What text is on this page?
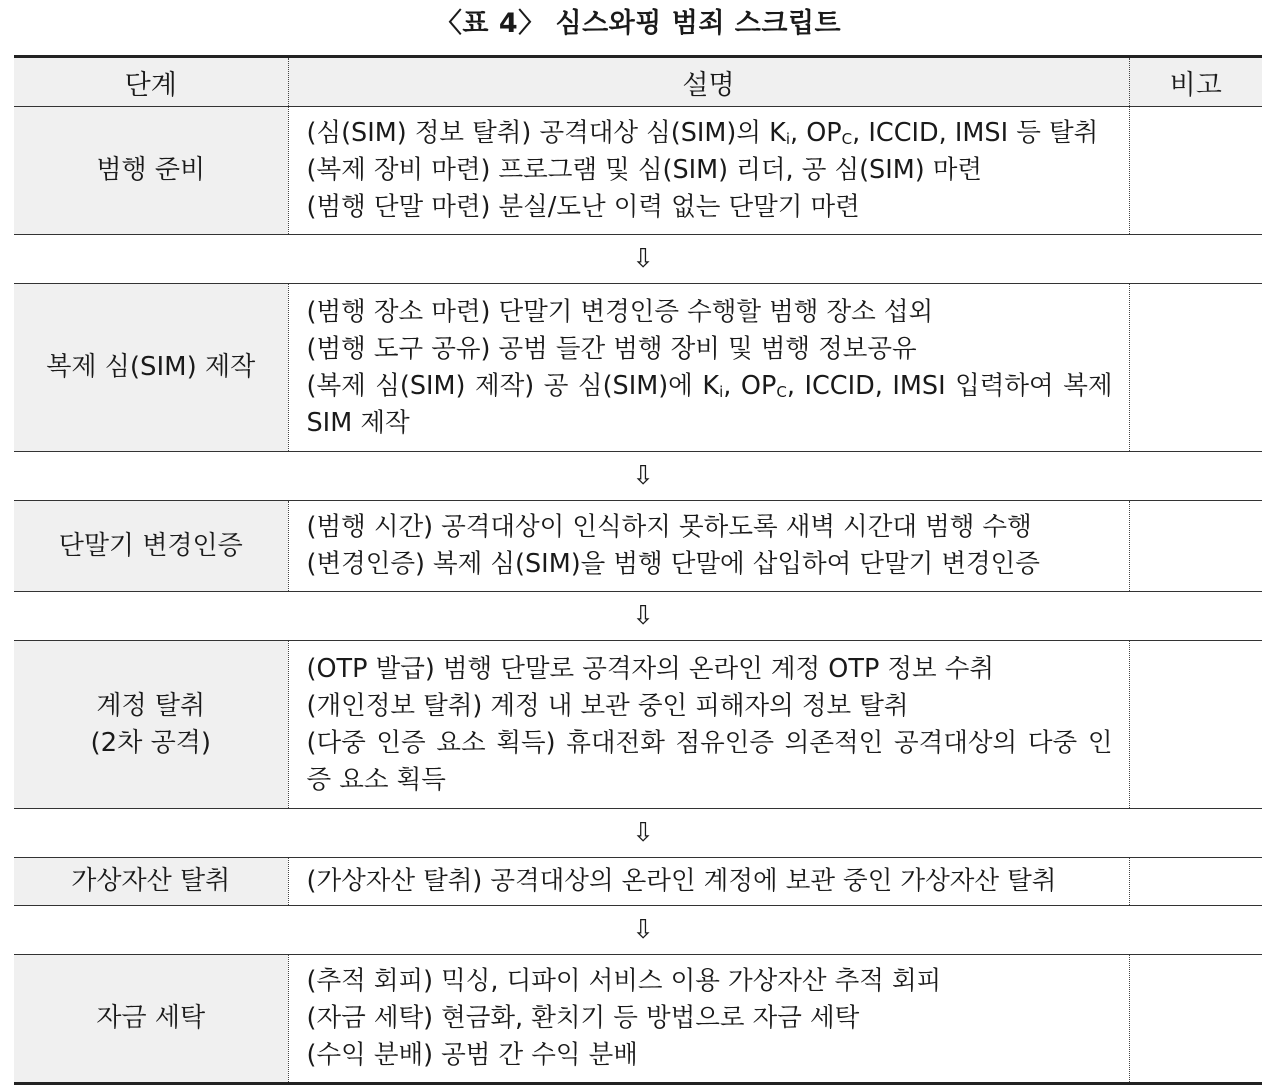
〈표 4〉 심스와핑 범죄 스크립트
단계	설명	비고

범행 준비	(심(SIM) 정보 탈취) 공격대상 심(SIM)의 $K_i$, $OP_C$, ICCID, IMSI 등 탈취
(복제 장비 마련) 프로그램 및 심(SIM) 리더, 공 심(SIM) 마련
(범행 단말 마련) 분실/도난 이력 없는 단말기 마련	

⇩		

복제 심(SIM) 제작	(범행 장소 마련) 단말기 변경인증 수행할 범행 장소 섭외
(범행 도구 공유) 공범 들간 범행 장비 및 범행 정보공유
(복제 심(SIM) 제작) 공 심(SIM)에 $K_i$, $OP_C$, ICCID, IMSI 입력하여 복제 SIM 제작	

⇩		

단말기 변경인증	(범행 시간) 공격대상이 인식하지 못하도록 새벽 시간대 범행 수행
(변경인증) 복제 심(SIM)을 범행 단말에 삽입하여 단말기 변경인증	

⇩		

계정 탈취
(2차 공격)	(OTP 발급) 범행 단말로 공격자의 온라인 계정 OTP 정보 수취
(개인정보 탈취) 계정 내 보관 중인 피해자의 정보 탈취
(다중 인증 요소 획득) 휴대전화 점유인증 의존적인 공격대상의 다중 인증 요소 획득	

⇩		

가상자산 탈취	(가상자산 탈취) 공격대상의 온라인 계정에 보관 중인 가상자산 탈취	

⇩		

자금 세탁	(추적 회피) 믹싱, 디파이 서비스 이용 가상자산 추적 회피
(자금 세탁) 현금화, 환치기 등 방법으로 자금 세탁
(수익 분배) 공범 간 수익 분배	
